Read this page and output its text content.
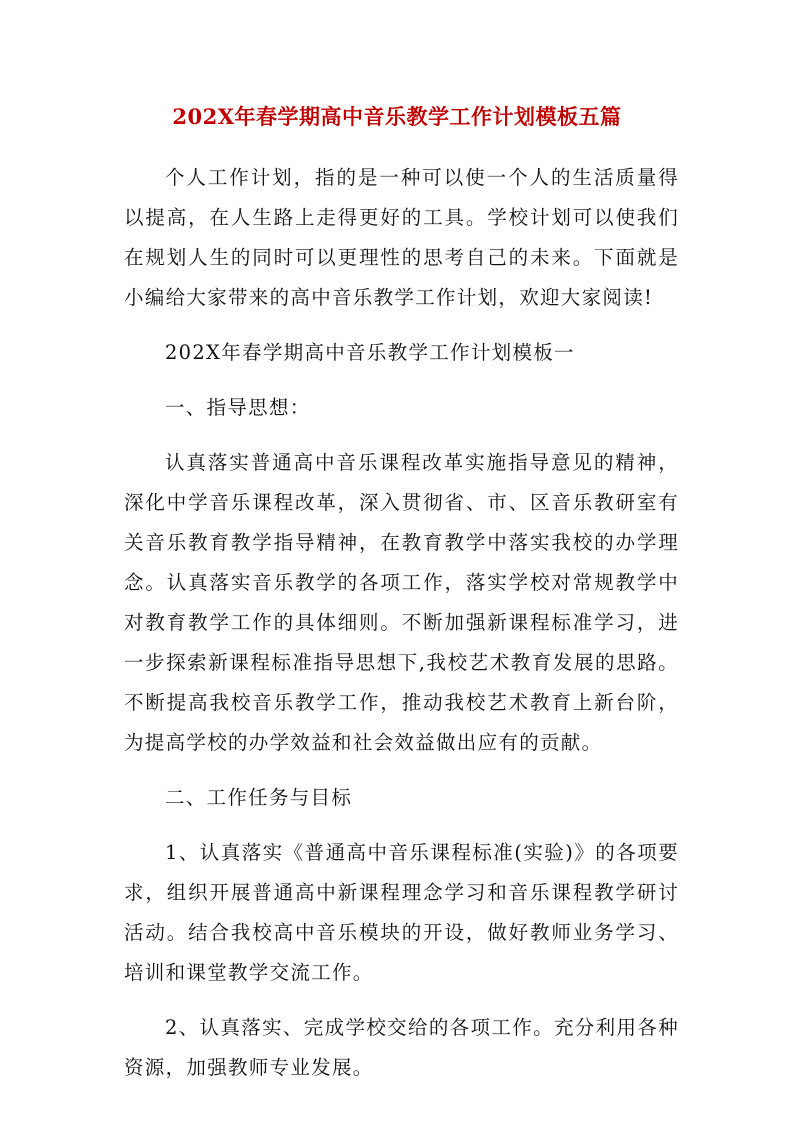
202X年春学期高中音乐教学工作计划模板五篇

个人工作计划，指的是一种可以使一个人的生活质量得以提高，在人生路上走得更好的工具。学校计划可以使我们在规划人生的同时可以更理性的思考自己的未来。下面就是小编给大家带来的高中音乐教学工作计划，欢迎大家阅读!

202X年春学期高中音乐教学工作计划模板一

一、指导思想：

认真落实普通高中音乐课程改革实施指导意见的精神，深化中学音乐课程改革，深入贯彻省、市、区音乐教研室有关音乐教育教学指导精神，在教育教学中落实我校的办学理念。认真落实音乐教学的各项工作，落实学校对常规教学中对教育教学工作的具体细则。不断加强新课程标准学习，进一步探索新课程标准指导思想下,我校艺术教育发展的思路。不断提高我校音乐教学工作，推动我校艺术教育上新台阶，为提高学校的办学效益和社会效益做出应有的贡献。

二、工作任务与目标

1、认真落实《普通高中音乐课程标准(实验)》的各项要求，组织开展普通高中新课程理念学习和音乐课程教学研讨活动。结合我校高中音乐模块的开设，做好教师业务学习、培训和课堂教学交流工作。

2、认真落实、完成学校交给的各项工作。充分利用各种资源，加强教师专业发展。
